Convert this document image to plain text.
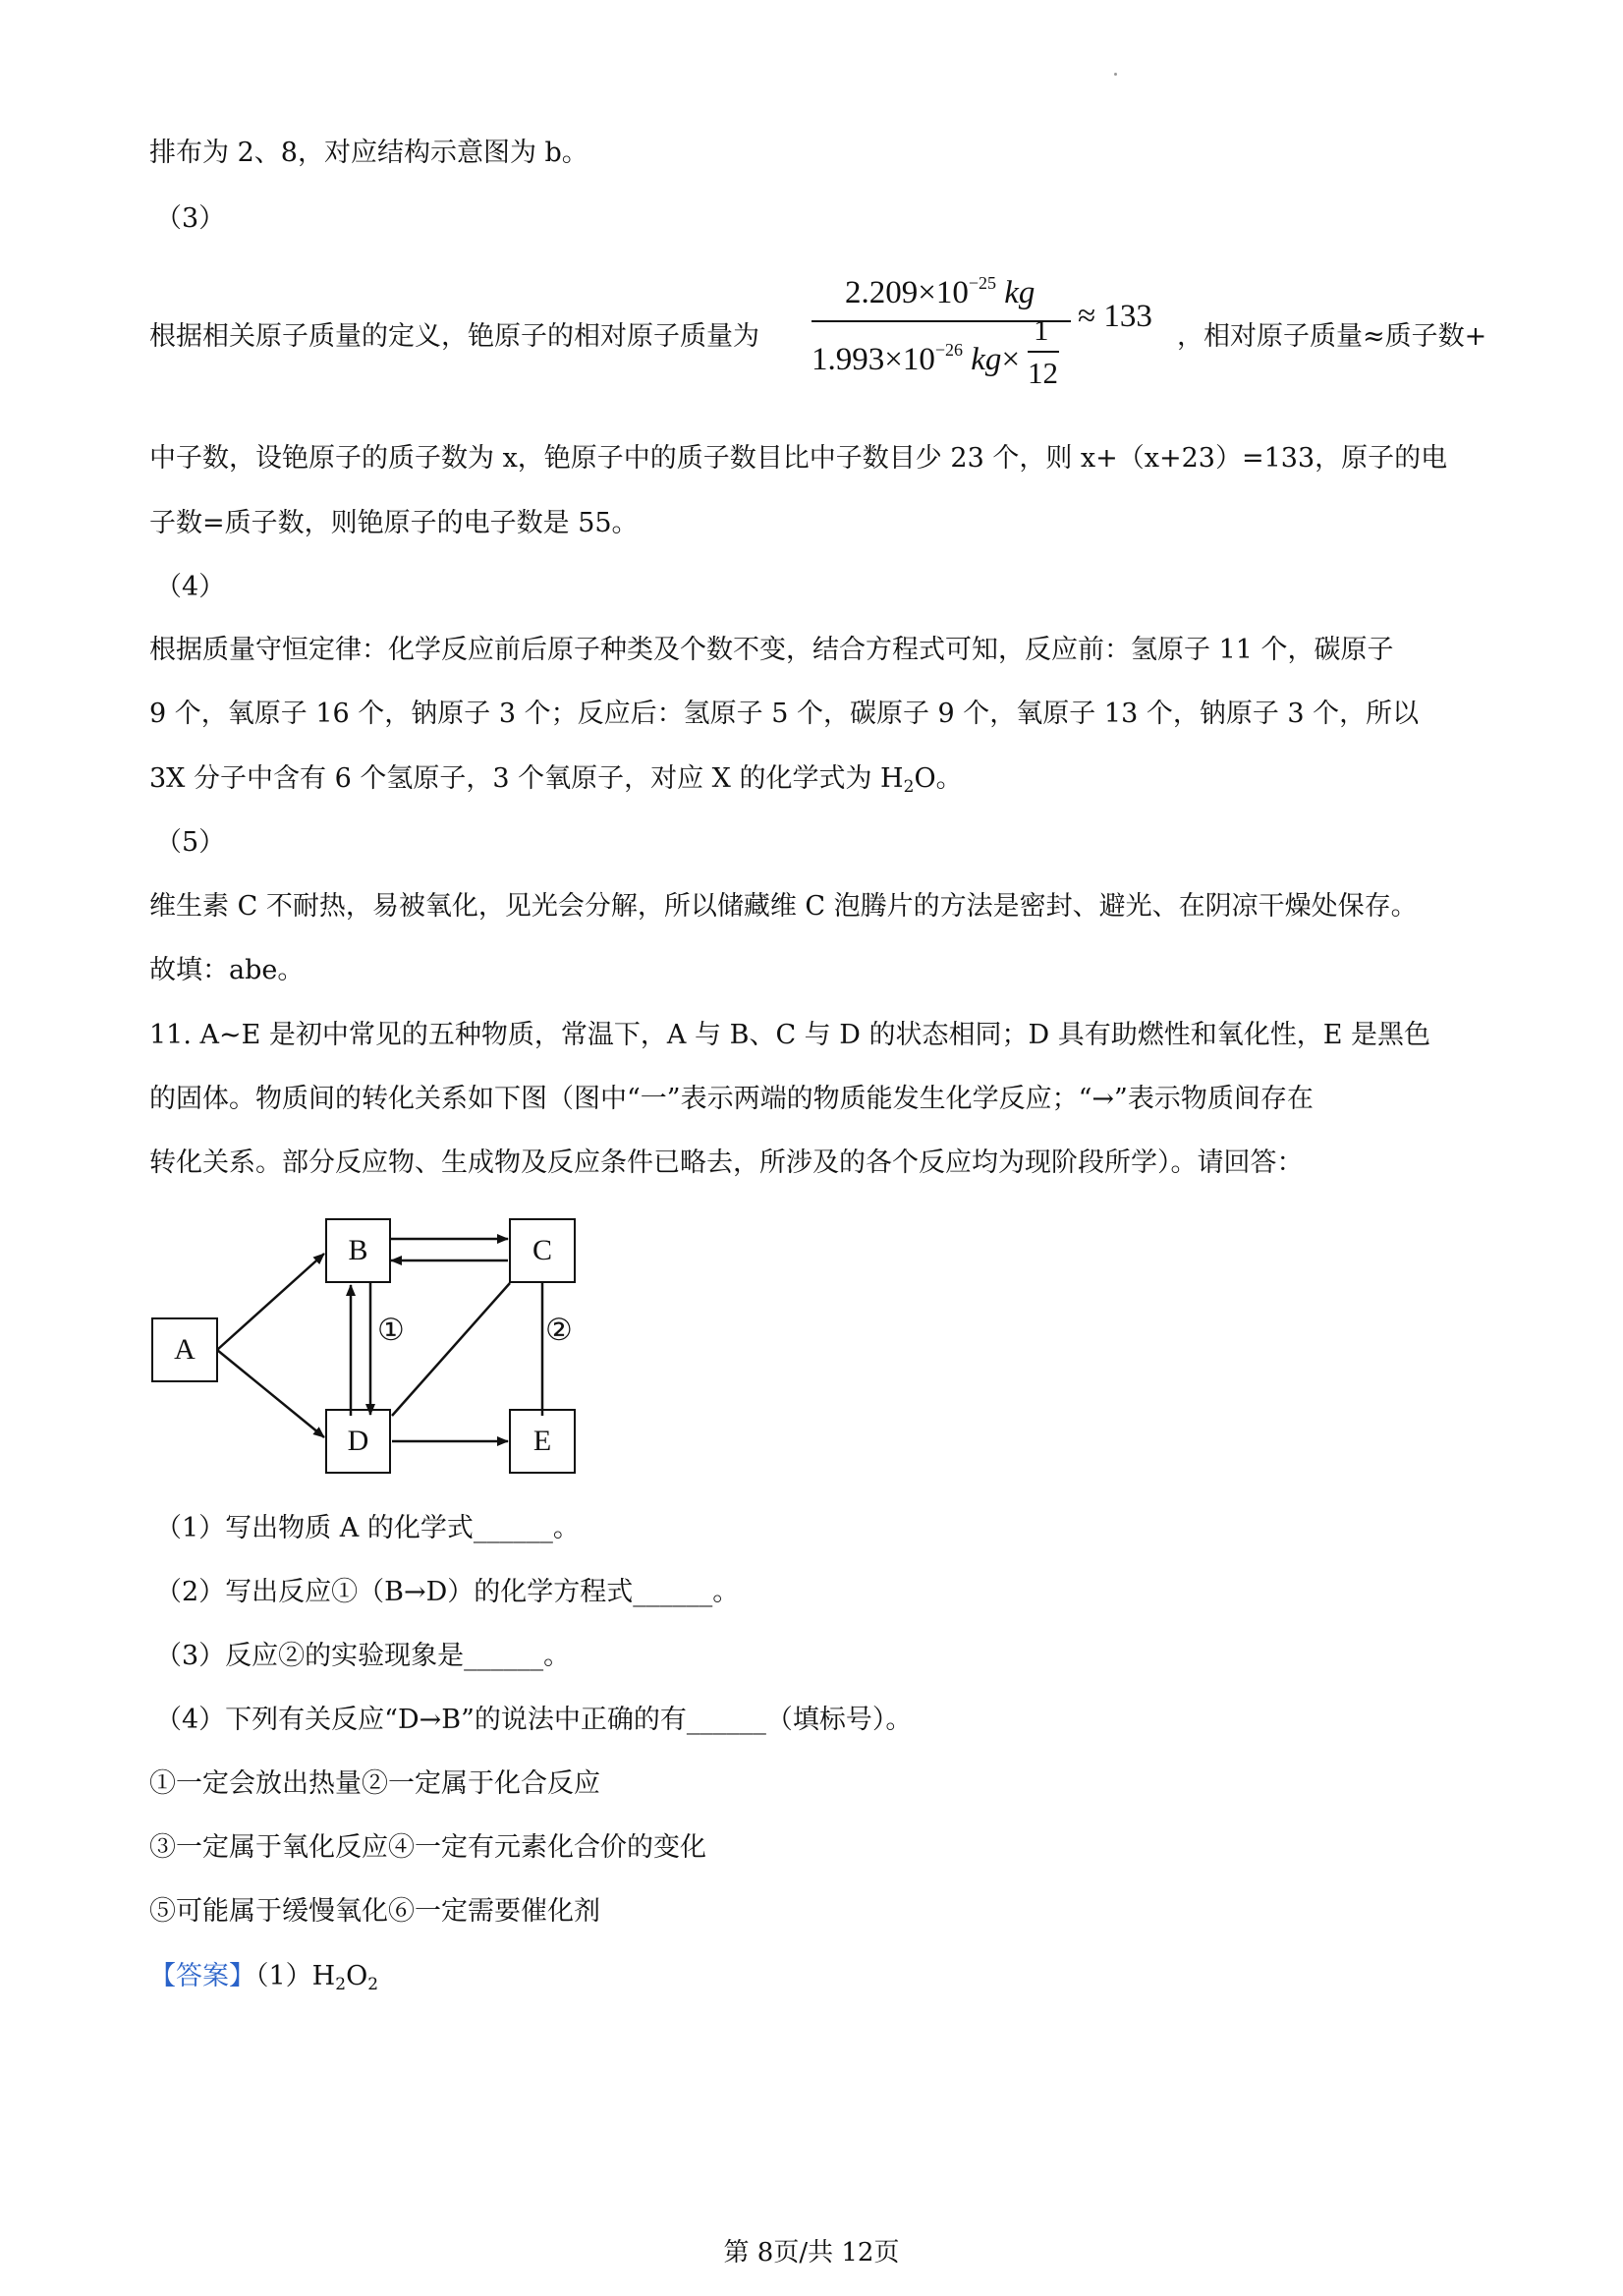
排布为 2、8，对应结构示意图为 b。
（3）
根据相关原子质量的定义，铯原子的相对原子质量为
$2.209\times 10^{-25}$ kg
$1.993\times 10^{-26}$ kg×
1
12
≈ 133
，相对原子质量≈质子数+
中子数，设铯原子的质子数为 x，铯原子中的质子数目比中子数目少 23 个，则 x+（x+23）=133，原子的电
子数=质子数，则铯原子的电子数是 55。
（4）
根据质量守恒定律：化学反应前后原子种类及个数不变，结合方程式可知，反应前：氢原子 11 个，碳原子
9 个，氧原子 16 个，钠原子 3 个；反应后：氢原子 5 个，碳原子 9 个，氧原子 13 个，钠原子 3 个，所以
3X 分子中含有 6 个氢原子，3 个氧原子，对应 X 的化学式为 $H_2O$。
（5）
维生素 C 不耐热，易被氧化，见光会分解，所以储藏维 C 泡腾片的方法是密封、避光、在阴凉干燥处保存。
故填：abe。
11. A~E 是初中常见的五种物质，常温下，A 与 B、C 与 D 的状态相同；D 具有助燃性和氧化性，E 是黑色
的固体。物质间的转化关系如下图（图中“一”表示两端的物质能发生化学反应；“→”表示物质间存在
转化关系。部分反应物、生成物及反应条件已略去，所涉及的各个反应均为现阶段所学）。请回答：
A
B	C
D	E
①	②
（1）写出物质 A 的化学式______。
（2）写出反应①（B→D）的化学方程式______。
（3）反应②的实验现象是______。
（4）下列有关反应“D→B”的说法中正确的有______（填标号）。
①一定会放出热量②一定属于化合反应
③一定属于氧化反应④一定有元素化合价的变化
⑤可能属于缓慢氧化⑥一定需要催化剂
【答案】$(1)H_2O_2$
第 8页/共 12页
